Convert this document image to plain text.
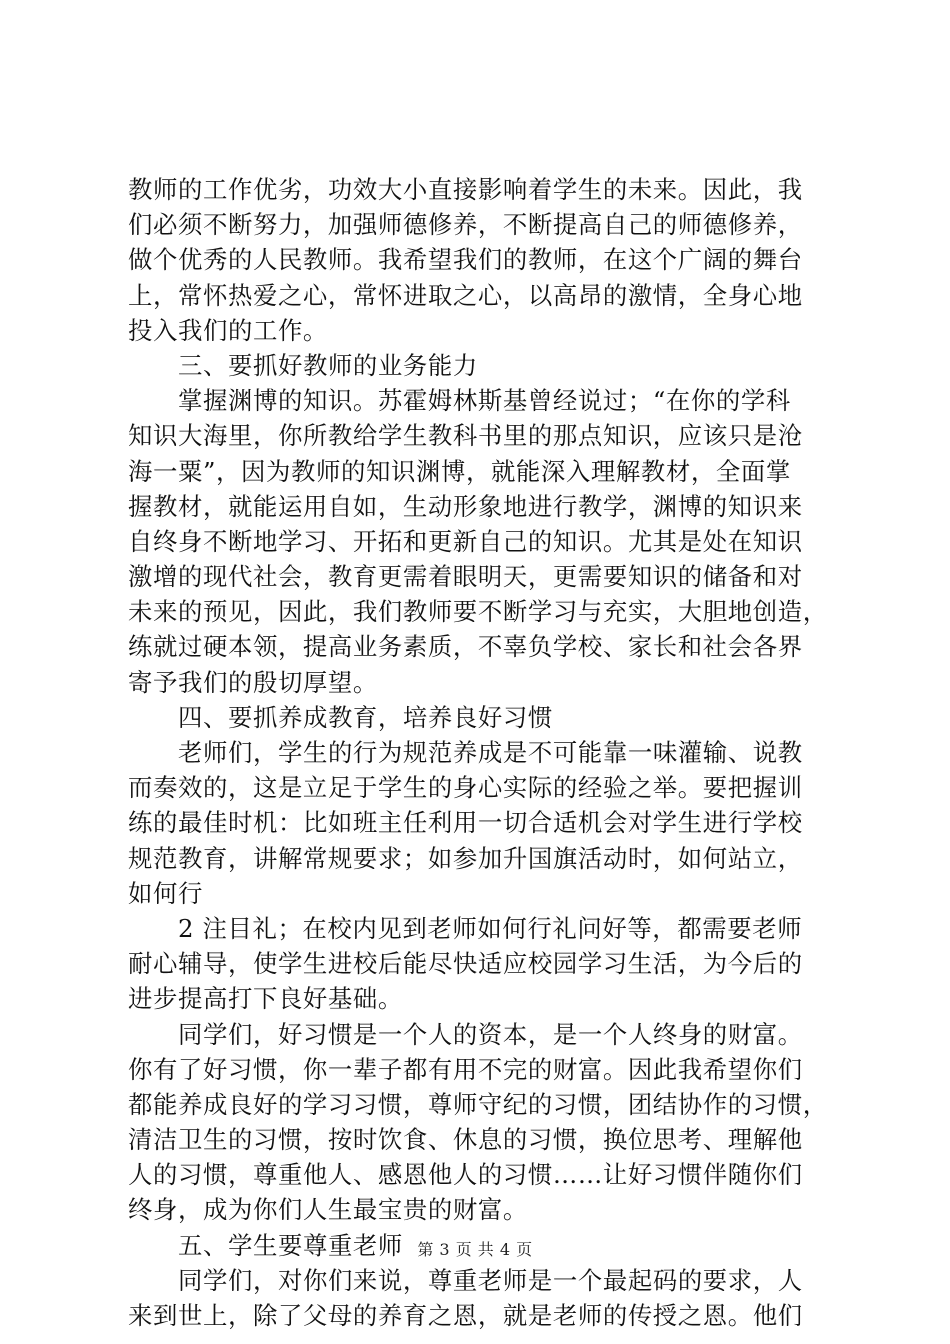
教师的工作优劣，功效大小直接影响着学生的未来。因此，我
们必须不断努力，加强师德修养，不断提高自己的师德修养，
做个优秀的人民教师。我希望我们的教师，在这个广阔的舞台
上，常怀热爱之心，常怀进取之心，以高昂的激情，全身心地
投入我们的工作。
三、要抓好教师的业务能力
掌握渊博的知识。苏霍姆林斯基曾经说过；“在你的学科
知识大海里，你所教给学生教科书里的那点知识，应该只是沧
海一粟”，因为教师的知识渊博，就能深入理解教材，全面掌
握教材，就能运用自如，生动形象地进行教学，渊博的知识来
自终身不断地学习、开拓和更新自己的知识。尤其是处在知识
激增的现代社会，教育更需着眼明天，更需要知识的储备和对
未来的预见，因此，我们教师要不断学习与充实，大胆地创造，
练就过硬本领，提高业务素质，不辜负学校、家长和社会各界
寄予我们的殷切厚望。
四、要抓养成教育，培养良好习惯
老师们，学生的行为规范养成是不可能靠一味灌输、说教
而奏效的，这是立足于学生的身心实际的经验之举。要把握训
练的最佳时机：比如班主任利用一切合适机会对学生进行学校
规范教育，讲解常规要求；如参加升国旗活动时，如何站立，
如何行
2 注目礼；在校内见到老师如何行礼问好等，都需要老师
耐心辅导，使学生进校后能尽快适应校园学习生活，为今后的
进步提高打下良好基础。
同学们，好习惯是一个人的资本，是一个人终身的财富。
你有了好习惯，你一辈子都有用不完的财富。因此我希望你们
都能养成良好的学习习惯，尊师守纪的习惯，团结协作的习惯，
清洁卫生的习惯，按时饮食、休息的习惯，换位思考、理解他
人的习惯，尊重他人、感恩他人的习惯……让好习惯伴随你们
终身，成为你们人生最宝贵的财富。
五、学生要尊重老师
同学们，对你们来说，尊重老师是一个最起码的要求，人
来到世上，除了父母的养育之恩，就是老师的传授之恩。他们
第 3 页 共 4 页
